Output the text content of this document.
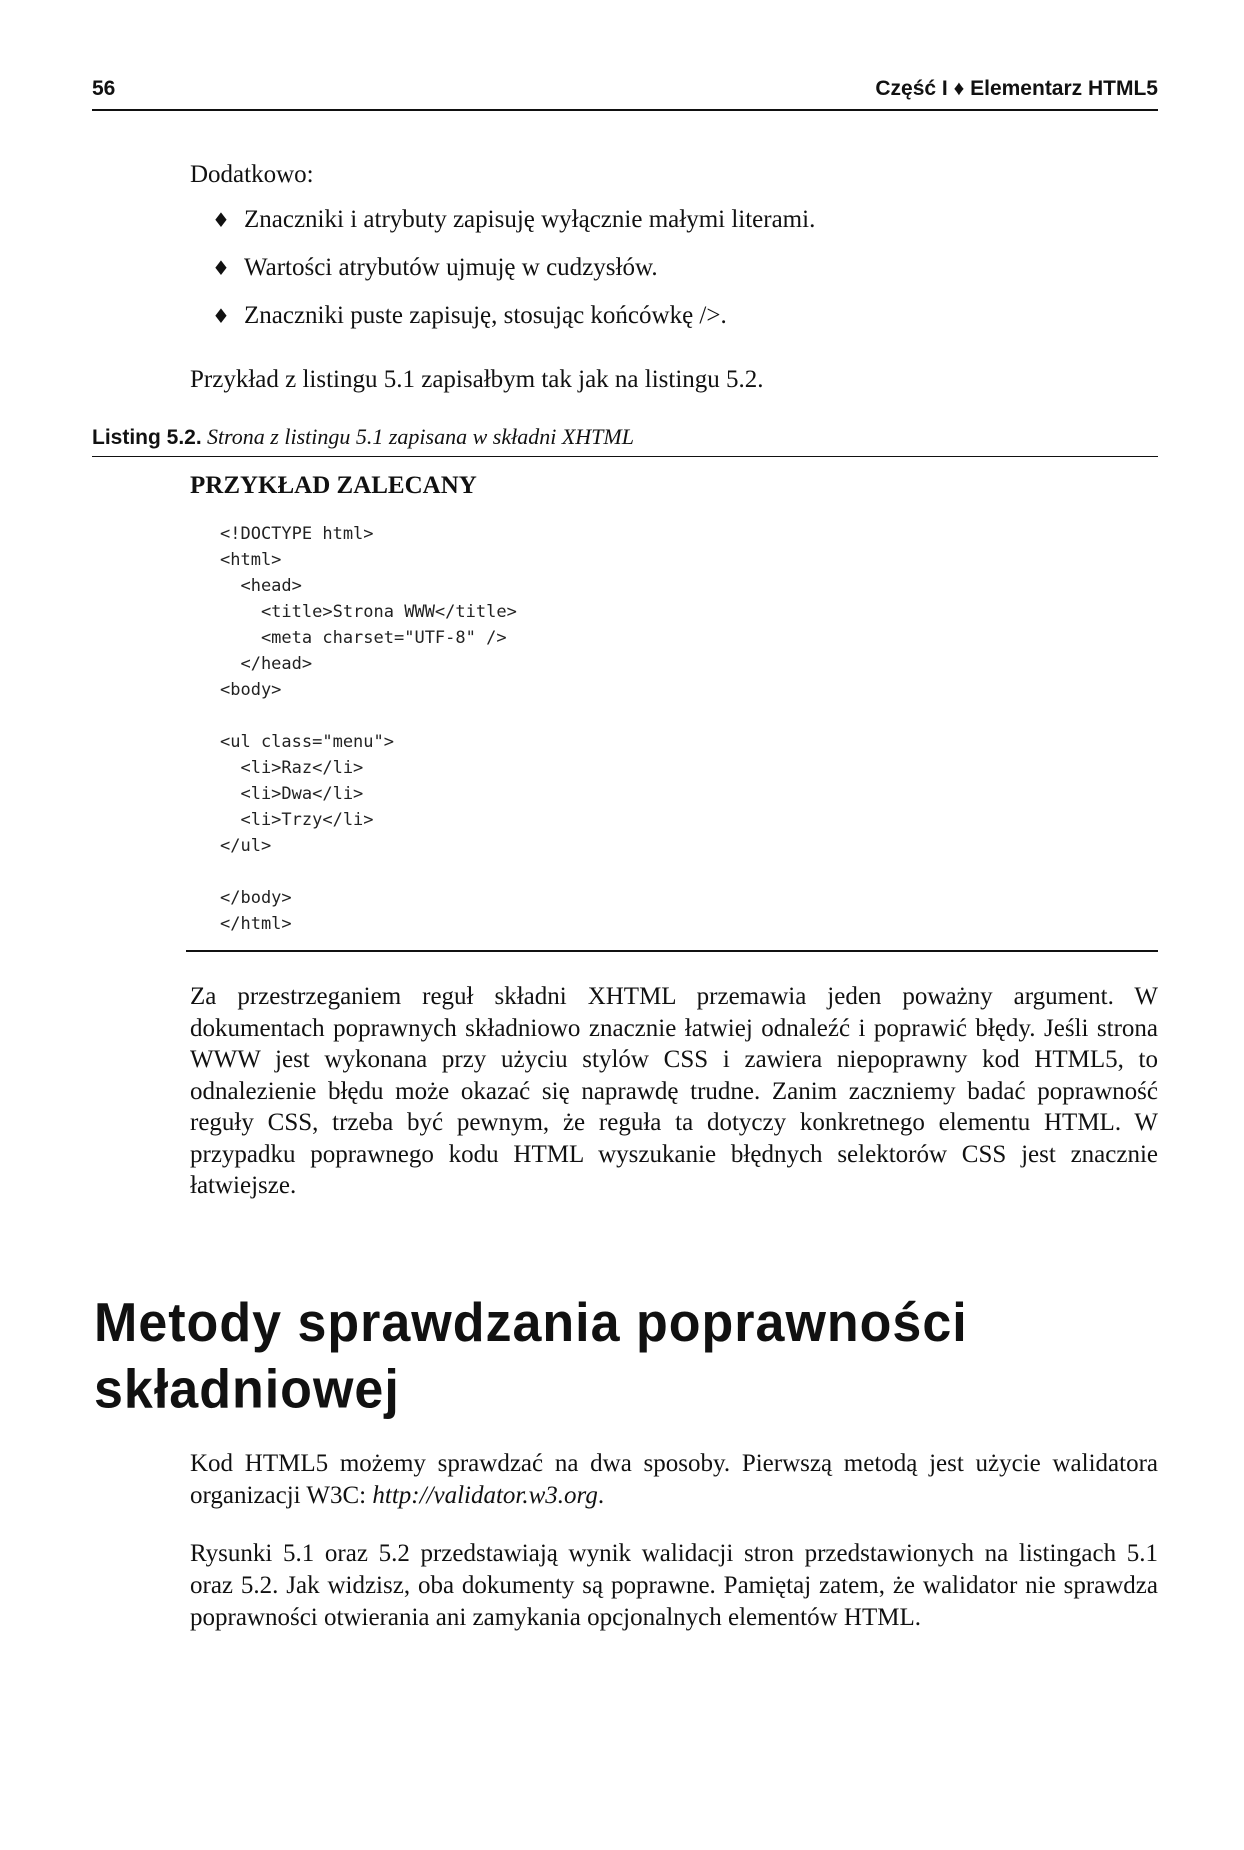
56	Część I ♦ Elementarz HTML5
Dodatkowo:
♦ Znaczniki i atrybuty zapisuję wyłącznie małymi literami.
♦ Wartości atrybutów ujmuję w cudzysłów.
♦ Znaczniki puste zapisuję, stosując końcówkę />.
Przykład z listingu 5.1 zapisałbym tak jak na listingu 5.2.
Listing 5.2. Strona z listingu 5.1 zapisana w składni XHTML
PRZYKŁAD ZALECANY
<!DOCTYPE html>
<html>
<head>
<title>Strona WWW</title>
<meta charset="UTF-8" />
</head>
<body>

<ul class="menu">
<li>Raz</li>
<li>Dwa</li>
<li>Trzy</li>
</ul>

</body>
</html>

Za przestrzeganiem reguł składni XHTML przemawia jeden poważny argument. W dokumentach poprawnych składniowo znacznie łatwiej odnaleźć i poprawić błędy. Jeśli strona WWW jest wykonana przy użyciu stylów CSS i zawiera niepoprawny kod HTML5, to odnalezienie błędu może okazać się naprawdę trudne. Zanim zaczniemy badać poprawność reguły CSS, trzeba być pewnym, że reguła ta dotyczy konkretnego elementu HTML. W przypadku poprawnego kodu HTML wyszukanie błędnych selektorów CSS jest znacznie łatwiejsze.

Metody sprawdzania poprawności
składniowej

Kod HTML5 możemy sprawdzać na dwa sposoby. Pierwszą metodą jest użycie walidatora organizacji W3C: http://validator.w3.org.

Rysunki 5.1 oraz 5.2 przedstawiają wynik walidacji stron przedstawionych na listingach 5.1 oraz 5.2. Jak widzisz, oba dokumenty są poprawne. Pamiętaj zatem, że walidator nie sprawdza poprawności otwierania ani zamykania opcjonalnych elementów HTML.
